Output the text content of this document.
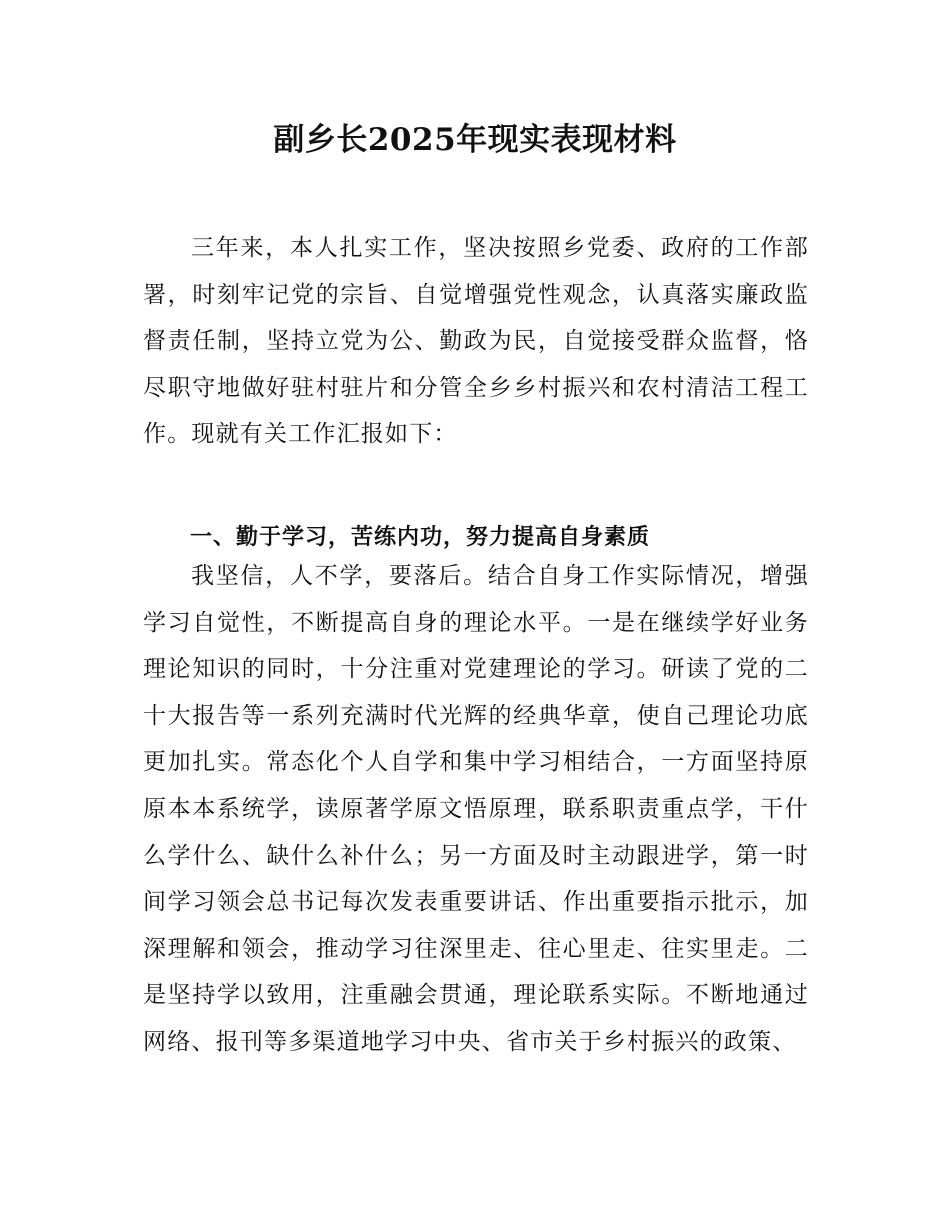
副乡长2025年现实表现材料

三年来，本人扎实工作，坚决按照乡党委、政府的工作部署，时刻牢记党的宗旨、自觉增强党性观念，认真落实廉政监督责任制，坚持立党为公、勤政为民，自觉接受群众监督，恪尽职守地做好驻村驻片和分管全乡乡村振兴和农村清洁工程工作。现就有关工作汇报如下：

一、勤于学习，苦练内功，努力提高自身素质

我坚信，人不学，要落后。结合自身工作实际情况，增强学习自觉性，不断提高自身的理论水平。一是在继续学好业务理论知识的同时，十分注重对党建理论的学习。研读了党的二十大报告等一系列充满时代光辉的经典华章，使自己理论功底更加扎实。常态化个人自学和集中学习相结合，一方面坚持原原本本系统学，读原著学原文悟原理，联系职责重点学，干什么学什么、缺什么补什么；另一方面及时主动跟进学，第一时间学习领会总书记每次发表重要讲话、作出重要指示批示，加深理解和领会，推动学习往深里走、往心里走、往实里走。二是坚持学以致用，注重融会贯通，理论联系实际。不断地通过网络、报刊等多渠道地学习中央、省市关于乡村振兴的政策、
